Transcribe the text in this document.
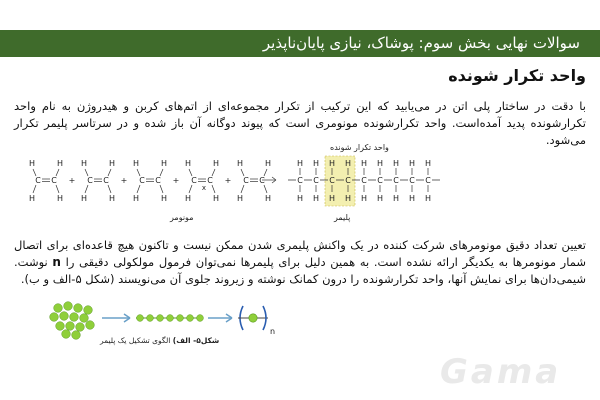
سوالات نهایی بخش سوم: پوشاک، نیازی پایان‌ناپذیر
واحد تکرار شونده
با دقت در ساختار پلی اتن در می‌یابید که این ترکیب از تکرار مجموعه‌ای از اتم‌های کربن و هیدروژن به نام واحد تکرارشونده پدید آمده‌است. واحد تکرارشونده مونومری است که پیوند دوگانه آن باز شده و در سرتاسر پلیمر تکرار می‌شود.
C C
H
H
H
H
+ C C
H
H
H
H
+ C C
H
H
H
H
+ C C
H
H
H
H
+ C C
H
H
H
H
x
C
H
H
C
H
H
C
H
H
C
H
H
C
H
H
C
H
H
C
H
H
C
H
H
C
H
H
واحد تکرار شونده
مونومر	پلیمر
تعیین تعداد دقیق مونومرهای شرکت کننده در یک واکنش پلیمری شدن ممکن نیست و تاکنون هیچ قاعده‌ای برای اتصال شمار مونومرها به یکدیگر ارائه نشده است. به همین دلیل برای پلیمرها نمی‌توان فرمول مولکولی دقیقی را n نوشت. شیمی‌دان‌ها برای نمایش آنها، واحد تکرارشونده را درون کمانک نوشته و زیروند جلوی آن می‌نویسند (شکل ۵-الف و ب).
n
شکل۵- الف) الگوی تشکیل یک پلیمر
Gama
